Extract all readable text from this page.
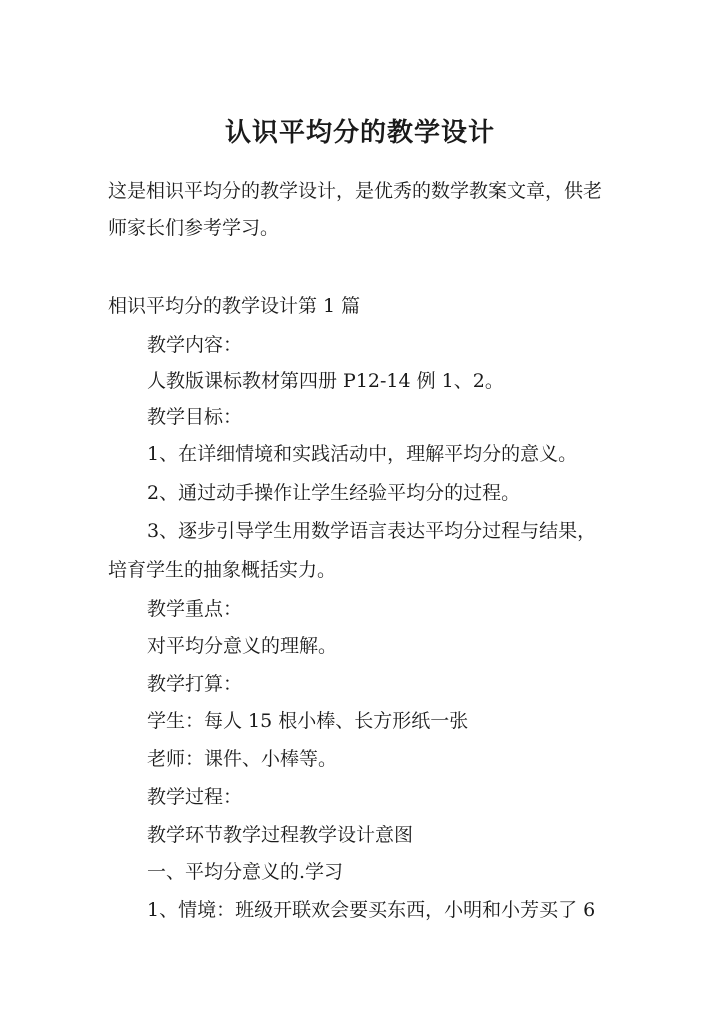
认识平均分的教学设计
这是相识平均分的教学设计，是优秀的数学教案文章，供老
师家长们参考学习。
相识平均分的教学设计第 1 篇
教学内容：
人教版课标教材第四册 P12-14 例 1、2。
教学目标：
1、在详细情境和实践活动中，理解平均分的意义。
2、通过动手操作让学生经验平均分的过程。
3、逐步引导学生用数学语言表达平均分过程与结果，
培育学生的抽象概括实力。
教学重点：
对平均分意义的理解。
教学打算：
学生：每人 15 根小棒、长方形纸一张
老师：课件、小棒等。
教学过程：
教学环节教学过程教学设计意图
一、平均分意义的.学习
1、情境：班级开联欢会要买东西，小明和小芳买了 6
